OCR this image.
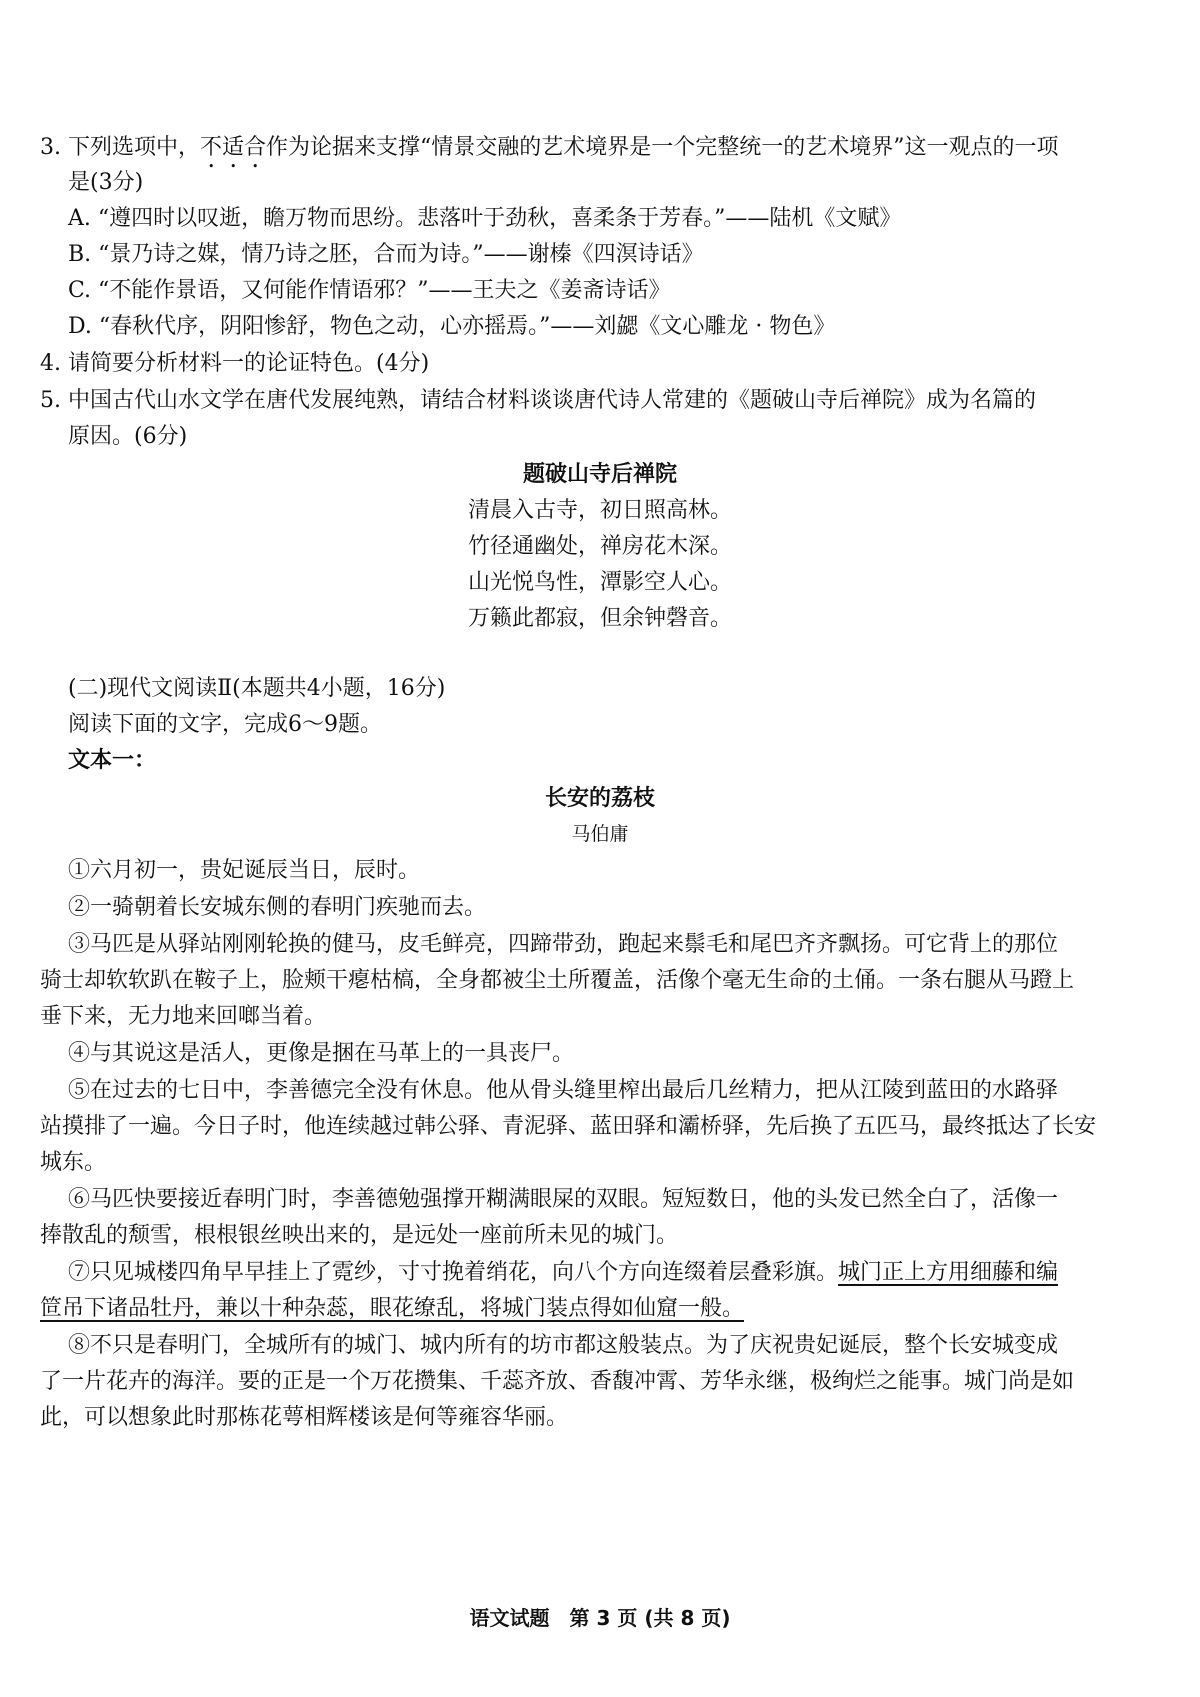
3. 下列选项中，不适合作为论据来支撑“情景交融的艺术境界是一个完整统一的艺术境界”这一观点的一项
是(3分)
A. “遵四时以叹逝，瞻万物而思纷。悲落叶于劲秋，喜柔条于芳春。”——陆机《文赋》
B. “景乃诗之媒，情乃诗之胚，合而为诗。”——谢榛《四溟诗话》
C. “不能作景语，又何能作情语邪？”——王夫之《姜斋诗话》
D. “春秋代序，阴阳惨舒，物色之动，心亦摇焉。”——刘勰《文心雕龙 · 物色》
4. 请简要分析材料一的论证特色。(4分)
5. 中国古代山水文学在唐代发展纯熟，请结合材料谈谈唐代诗人常建的《题破山寺后禅院》成为名篇的
原因。(6分)
题破山寺后禅院
清晨入古寺，初日照高林。
竹径通幽处，禅房花木深。
山光悦鸟性，潭影空人心。
万籁此都寂，但余钟磬音。
(二)现代文阅读Ⅱ(本题共4小题，16分)
阅读下面的文字，完成6～9题。
文本一：
长安的荔枝
马伯庸
①六月初一，贵妃诞辰当日，辰时。
②一骑朝着长安城东侧的春明门疾驰而去。
③马匹是从驿站刚刚轮换的健马，皮毛鲜亮，四蹄带劲，跑起来鬃毛和尾巴齐齐飘扬。可它背上的那位
骑士却软软趴在鞍子上，脸颊干瘪枯槁，全身都被尘土所覆盖，活像个毫无生命的土俑。一条右腿从马蹬上
垂下来，无力地来回啷当着。
④与其说这是活人，更像是捆在马革上的一具丧尸。
⑤在过去的七日中，李善德完全没有休息。他从骨头缝里榨出最后几丝精力，把从江陵到蓝田的水路驿
站摸排了一遍。今日子时，他连续越过韩公驿、青泥驿、蓝田驿和灞桥驿，先后换了五匹马，最终抵达了长安
城东。
⑥马匹快要接近春明门时，李善德勉强撑开糊满眼屎的双眼。短短数日，他的头发已然全白了，活像一
捧散乱的颓雪，根根银丝映出来的，是远处一座前所未见的城门。
⑦只见城楼四角早早挂上了霓纱，寸寸挽着绡花，向八个方向连缀着层叠彩旗。城门正上方用细藤和编
笸吊下诸品牡丹，兼以十种杂蕊，眼花缭乱，将城门装点得如仙窟一般。
⑧不只是春明门，全城所有的城门、城内所有的坊市都这般装点。为了庆祝贵妃诞辰，整个长安城变成
了一片花卉的海洋。要的正是一个万花攒集、千蕊齐放、香馥冲霄、芳华永继，极绚烂之能事。城门尚是如
此，可以想象此时那栋花萼相辉楼该是何等雍容华丽。
语文试题　第 3 页 (共 8 页)
